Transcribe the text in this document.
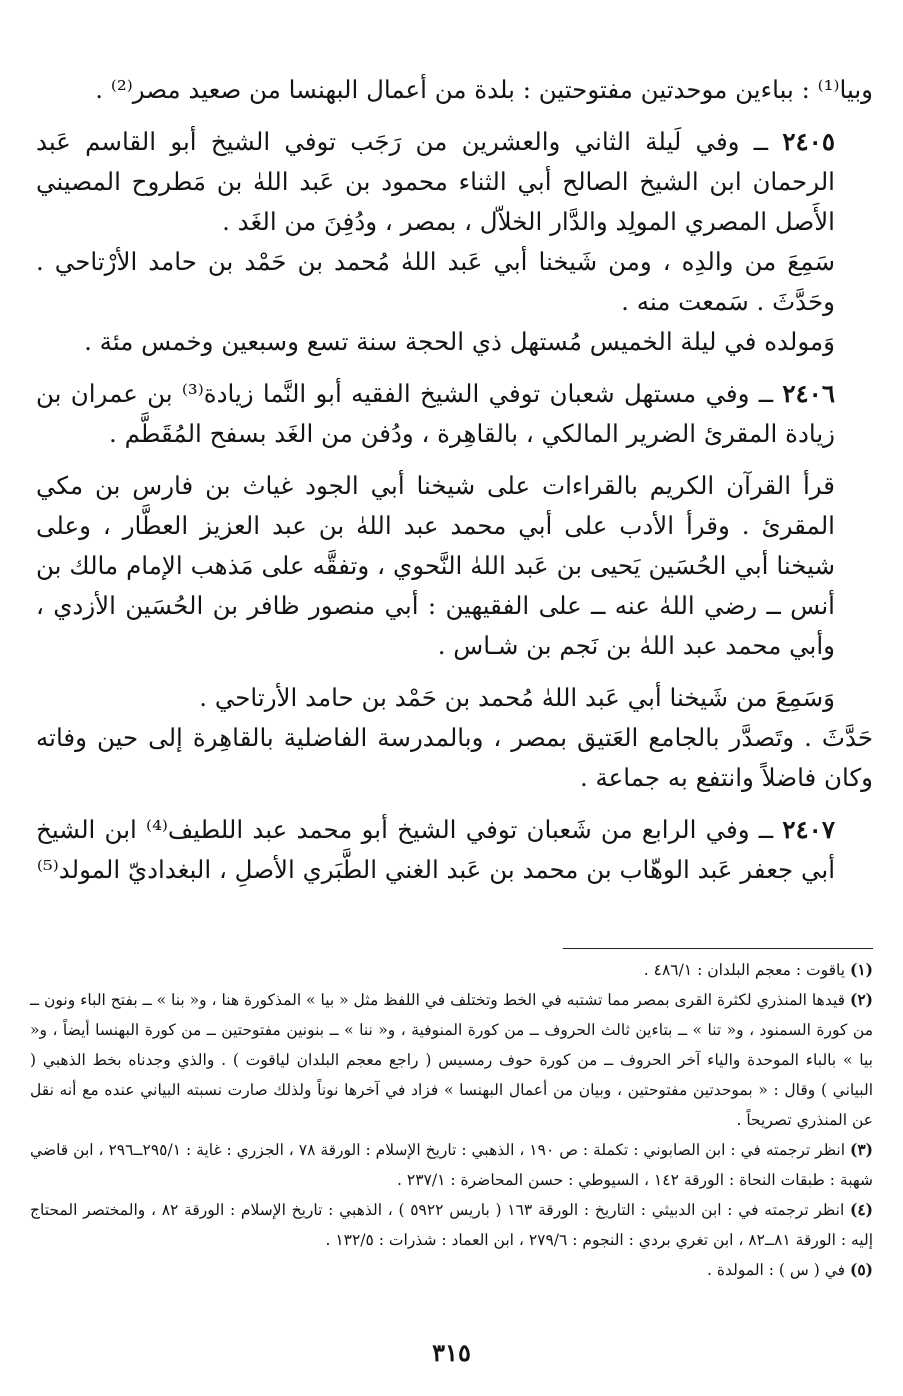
وبيا⁽¹⁾ : بباءين موحدتين مفتوحتين : بلدة من أعمال البهنسا من صعيد مصر⁽²⁾ .
٢٤٠٥ ــ وفي لَيلة الثاني والعشرين من رَجَب توفي الشيخ أبو القاسم عَبد الرحمان ابن الشيخ الصالح أبي الثناء محمود بن عَبد اللهٰ بن مَطروح المصيني الأَصل المصري المولِد والدَّار الخلاّل ، بمصر ، ودُفِنَ من الغَد .
سَمِعَ من والدِه ، ومن شَيخنا أبي عَبد اللهٰ مُحمد بن حَمْد بن حامد الأرْتاحي . وحَدَّثَ . سَمعت منه .
وَمولده في ليلة الخميس مُستهل ذي الحجة سنة تسع وسبعين وخمس مئة .
٢٤٠٦ ــ وفي مستهل شعبان توفي الشيخ الفقيه أبو النَّما زيادة⁽³⁾ بن عمران بن زيادة المقرئ الضرير المالكي ، بالقاهِرة ، ودُفن من الغَد بسفح المُقَطَّم .
قرأ القرآن الكريم بالقراءات على شيخنا أبي الجود غياث بن فارس بن مكي المقرئ . وقرأ الأدب على أبي محمد عبد اللهٰ بن عبد العزيز العطَّار ، وعلى شيخنا أبي الحُسَين يَحيى بن عَبد اللهٰ النَّحوي ، وتفقَّه على مَذهب الإمام مالك بن أنس ــ رضي اللهٰ عنه ــ على الفقيهين : أبي منصور ظافر بن الحُسَين الأزدي ، وأبي محمد عبد اللهٰ بن نَجم بن شـاس .
وَسَمِعَ من شَيخنا أبي عَبد اللهٰ مُحمد بن حَمْد بن حامد الأرتاحي .
حَدَّثَ . وتَصدَّر بالجامع العَتيق بمصر ، وبالمدرسة الفاضلية بالقاهِرة إلى حين وفاته وكان فاضلاً وانتفع به جماعة .
٢٤٠٧ ــ وفي الرابع من شَعبان توفي الشيخ أبو محمد عبد اللطيف⁽⁴⁾ ابن الشيخ أبي جعفر عَبد الوهّاب بن محمد بن عَبد الغني الطَّبَري الأصلِ ، البغداديّ المولد⁽⁵⁾
(١) ياقوت : معجم البلدان : ٤٨٦/١ .
(٢) قيدها المنذري لكثرة القرى بمصر مما تشتبه في الخط وتختلف في اللفظ مثل « بيا » المذكورة هنا ، و« بنا » ــ بفتح الباء ونون ــ من كورة السمنود ، و« تنا » ــ بتاءين ثالث الحروف ــ من كورة المنوفية ، و« ننا » ــ بنونين مفتوحتين ــ من كورة البهنسا أيضاً ، و« بيا » بالباء الموحدة والياء آخر الحروف ــ من كورة حوف رمسيس ( راجع معجم البلدان لياقوت ) . والذي وجدناه بخط الذهبي ( البياني ) وقال : « بموحدتين مفتوحتين ، وبيان من أعمال البهنسا » فزاد في آخرها نوناً ولذلك صارت نسبته البياني عنده مع أنه نقل عن المنذري تصريحاً .
(٣) انظر ترجمته في : ابن الصابوني : تكملة : ص ١٩٠ ، الذهبي : تاريخ الإسلام : الورقة ٧٨ ، الجزري : غاية : ٢٩٥/١ــ٢٩٦ ، ابن قاضي شهبة : طبقات النحاة : الورقة ١٤٢ ، السيوطي : حسن المحاضرة : ٢٣٧/١ .
(٤) انظر ترجمته في : ابن الدبيثي : التاريخ : الورقة ١٦٣ ( باريس ٥٩٢٢ ) ، الذهبي : تاريخ الإسلام : الورقة ٨٢ ، والمختصر المحتاج إليه : الورقة ٨١ــ٨٢ ، ابن تغري بردي : النجوم : ٢٧٩/٦ ، ابن العماد : شذرات : ١٣٢/٥ .
(٥) في ( س ) : المولدة .
٣١٥
